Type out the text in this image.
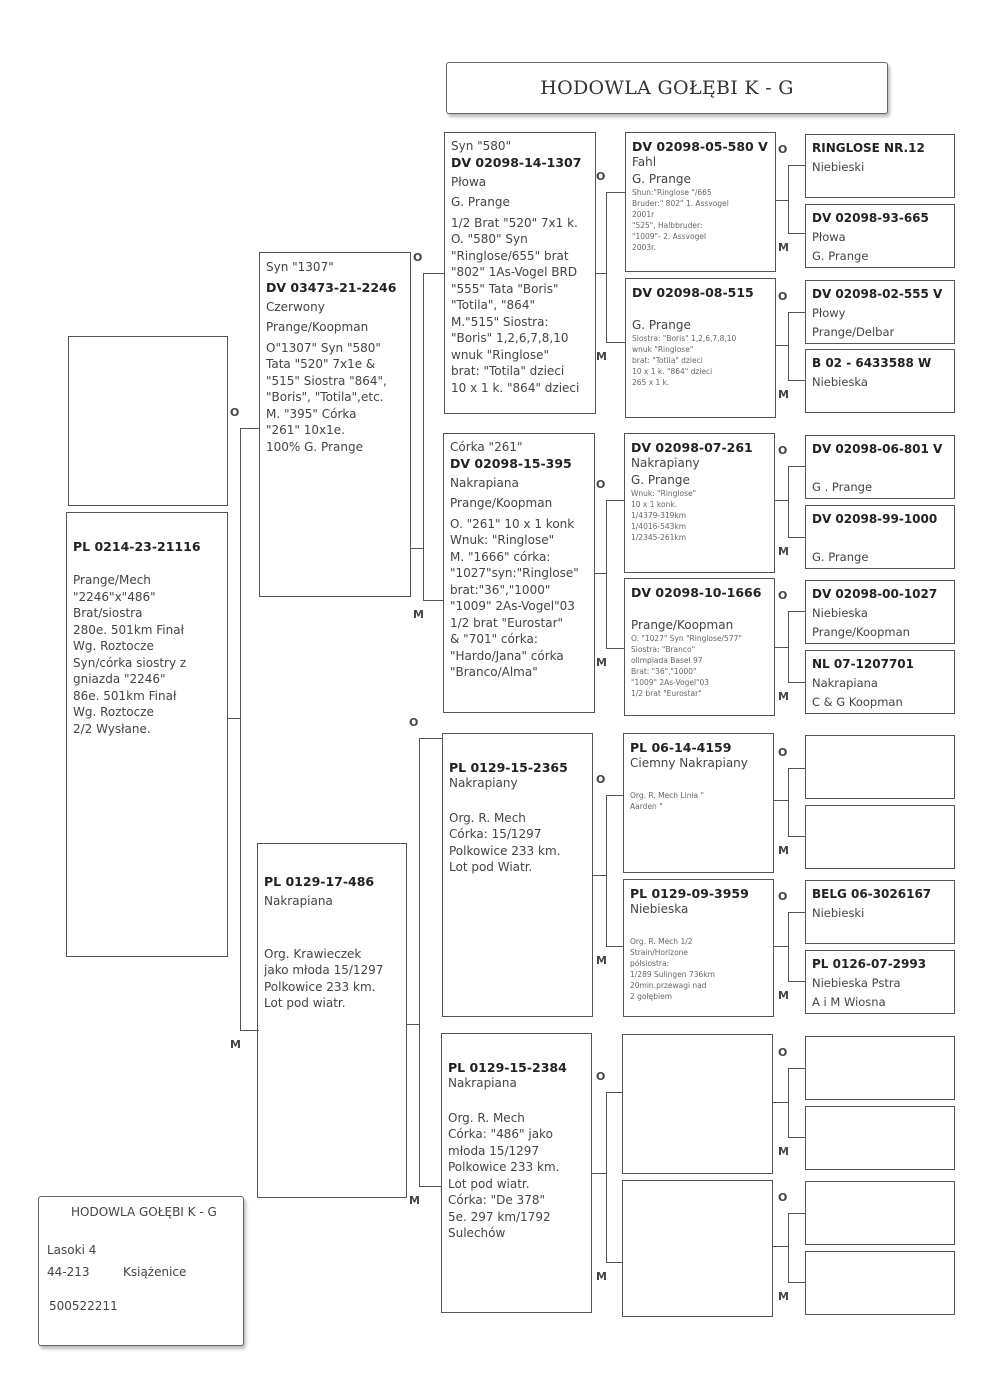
HODOWLA GOŁĘBI K - G
PL 0214-23-21116
Prange/Mech
"2246"x"486"
Brat/siostra
280e. 501km Finał
Wg. Roztocze
Syn/córka siostry z
gniazda "2246"
86e. 501km Finał
Wg. Roztocze
2/2 Wysłane.
Syn "1307"
DV 03473-21-2246
Czerwony
Prange/Koopman
O"1307" Syn "580"
Tata "520" 7x1e &
"515" Siostra "864",
"Boris", "Totila",etc.
M. "395" Córka
"261" 10x1e.
100% G. Prange
PL 0129-17-486
Nakrapiana
Org. Krawieczek
jako młoda 15/1297
Polkowice 233 km.
Lot pod wiatr.
Syn "580"
DV 02098-14-1307
Płowa
G. Prange
1/2 Brat "520" 7x1 k.
O. "580" Syn
"Ringlose/655" brat
"802" 1As-Vogel BRD
"555" Tata "Boris"
"Totila", "864"
M."515" Siostra:
"Boris" 1,2,6,7,8,10
wnuk "Ringlose"
brat: "Totila" dzieci
10 x 1 k. "864" dzieci
Córka "261"
DV 02098-15-395
Nakrapiana
Prange/Koopman
O. "261" 10 x 1 konk
Wnuk: "Ringlose"
M. "1666" córka:
"1027"syn:"Ringlose"
brat:"36","1000"
"1009" 2As-Vogel"03
1/2 brat "Eurostar"
& "701" córka:
"Hardo/Jana" córka
"Branco/Alma"
PL 0129-15-2365
Nakrapiany
Org. R. Mech
Córka: 15/1297
Polkowice 233 km.
Lot pod Wiatr.
PL 0129-15-2384
Nakrapiana
Org. R. Mech
Córka: "486" jako
młoda 15/1297
Polkowice 233 km.
Lot pod wiatr.
Córka: "De 378"
5e. 297 km/1792
Sulechów
DV 02098-05-580 V
Fahl
G. Prange
Shun:"Ringlose "/665
Bruder:" 802" 1. Assvogel
2001r
"525", Halbbruder:
"1009"- 2. Assvogel
2003r.
DV 02098-08-515

G. Prange
Siostra: "Boris" 1,2,6,7,8,10
wnuk "Ringlose"
brat: "Totila" dzieci
10 x 1 k. "864" dzieci
265 x 1 k.
DV 02098-07-261
Nakrapiany
G. Prange
Wnuk: "Ringlose"
10 x 1 konk.
1/4379-319km
1/4016-543km
1/2345-261km
DV 02098-10-1666

Prange/Koopman
O. "1027" Syn "Ringlose/577"
Siostra: "Branco"
olimpiada Basel 97
Brat: "36","1000"
"1009" 2As-Vogel"03
1/2 brat "Eurostar"
PL 06-14-4159
Ciemny Nakrapiany
Org. R. Mech Linia "
Aarden "
PL 0129-09-3959
Niebieska
Org. R. Mech 1/2
Strain/Horizone
półsiostra:
1/289 Sulingen 736km
20min.przewagi nad
2 gołębiem
RINGLOSE NR.12
Niebieski

DV 02098-93-665
Płowa
G. Prange
DV 02098-02-555 V
Płowy
Prange/Delbar
B 02 - 6433588 W
Niebieska

DV 02098-06-801 V

G . Prange
DV 02098-99-1000

G. Prange
DV 02098-00-1027
Niebieska
Prange/Koopman
NL 07-1207701
Nakrapiana
C & G Koopman

BELG 06-3026167
Niebieski

PL 0126-07-2993
Niebieska Pstra
A i M Wiosna

O
M
O
M
O
M
O
M
O
M
O
M
O
M
O
M
O
M
O
M
O
M
O
M
O
M
O
M
O
M
HODOWLA GOŁĘBI K - G
Lasoki 4
44-213	Książenice
500522211
